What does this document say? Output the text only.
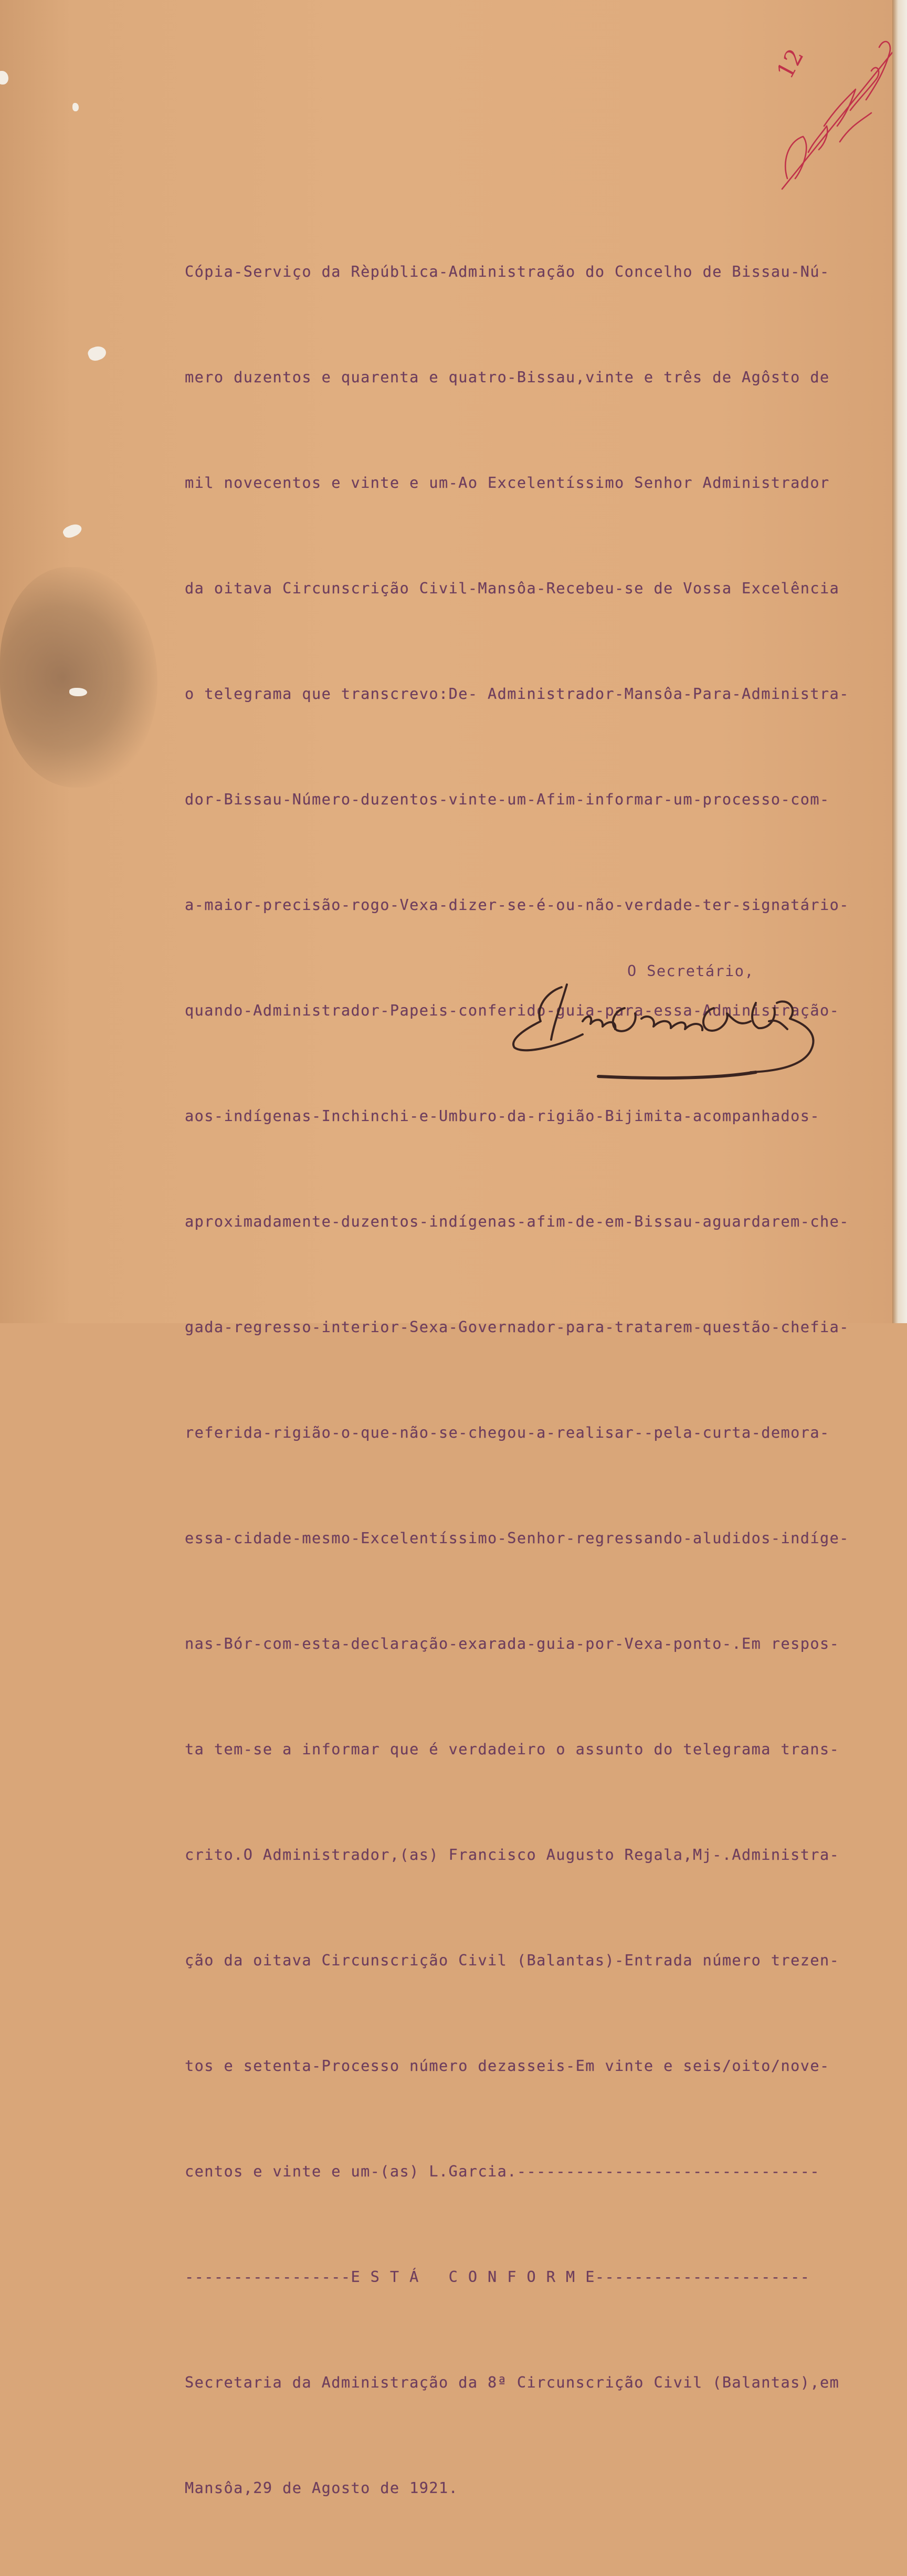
Cópia-Serviço da Rèpública-Administração do Concelho de Bissau-Nú-

mero duzentos e quarenta e quatro-Bissau,vinte e três de Agôsto de

mil novecentos e vinte e um-Ao Excelentíssimo Senhor Administrador

da oitava Circunscrição Civil-Mansôa-Recebeu-se de Vossa Excelência

o telegrama que transcrevo:De- Administrador-Mansôa-Para-Administra-

dor-Bissau-Número-duzentos-vinte-um-Afim-informar-um-processo-com-

a-maior-precisão-rogo-Vexa-dizer-se-é-ou-não-verdade-ter-signatário-

quando-Administrador-Papeis-conferido-guia-para-essa-Administração-

aos-indígenas-Inchinchi-e-Umburo-da-rigião-Bijimita-acompanhados-

aproximadamente-duzentos-indígenas-afim-de-em-Bissau-aguardarem-che-

gada-regresso-interior-Sexa-Governador-para-tratarem-questão-chefia-

referida-rigião-o-que-não-se-chegou-a-realisar--pela-curta-demora-

essa-cidade-mesmo-Excelentíssimo-Senhor-regressando-aludidos-indíge-

nas-Bór-com-esta-declaração-exarada-guia-por-Vexa-ponto-.Em respos-

ta tem-se a informar que é verdadeiro o assunto do telegrama trans-

crito.O Administrador,(as) Francisco Augusto Regala,Mj-.Administra-

ção da oitava Circunscrição Civil (Balantas)-Entrada número trezen-

tos e setenta-Processo número dezasseis-Em vinte e seis/oito/nove-

centos e vinte e um-(as) L.Garcia.-------------------------------

-----------------E S T Á   C O N F O R M E----------------------

Secretaria da Administração da 8ª Circunscrição Civil (Balantas),em

Mansôa,29 de Agosto de 1921.

O Secretário,
12
